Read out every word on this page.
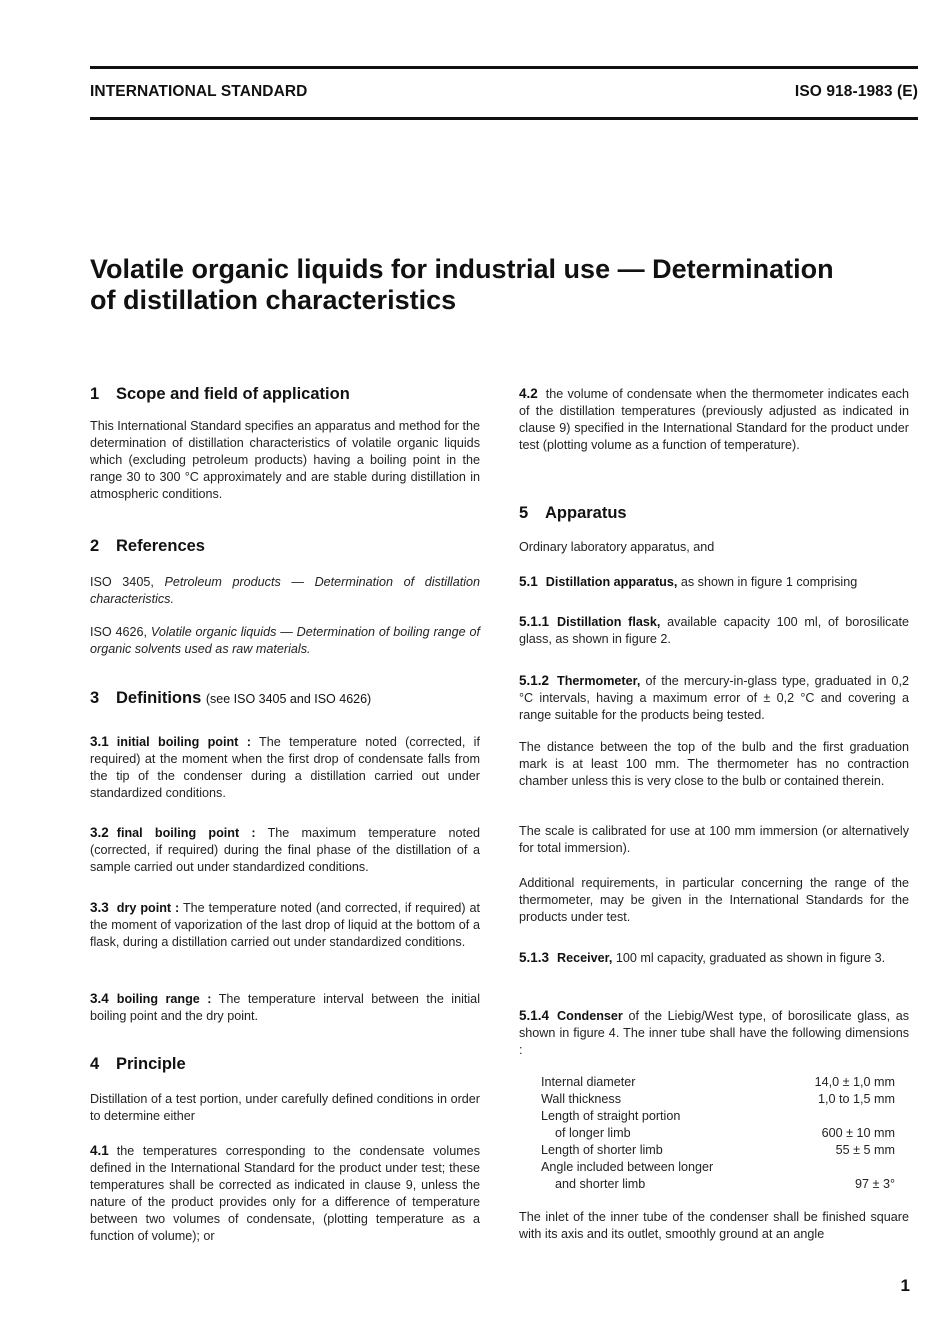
INTERNATIONAL STANDARD	ISO 918-1983 (E)
Volatile organic liquids for industrial use — Determination
of distillation characteristics
1 Scope and field of application

This International Standard specifies an apparatus and method for the determination of distillation characteristics of volatile organic liquids which (excluding petroleum products) having a boiling point in the range 30 to 300 °C approximately and are stable during distillation in atmospheric conditions.

2 References

ISO 3405, Petroleum products — Determination of distillation characteristics.

ISO 4626, Volatile organic liquids — Determination of boiling range of organic solvents used as raw materials.

3 Definitions (see ISO 3405 and ISO 4626)

3.1 initial boiling point : The temperature noted (corrected, if required) at the moment when the first drop of condensate falls from the tip of the condenser during a distillation carried out under standardized conditions.

3.2 final boiling point : The maximum temperature noted (corrected, if required) during the final phase of the distillation of a sample carried out under standardized conditions.

3.3 dry point : The temperature noted (and corrected, if required) at the moment of vaporization of the last drop of liquid at the bottom of a flask, during a distillation carried out under standardized conditions.

3.4 boiling range : The temperature interval between the initial boiling point and the dry point.

4 Principle

Distillation of a test portion, under carefully defined conditions in order to determine either

4.1 the temperatures corresponding to the condensate volumes defined in the International Standard for the product under test; these temperatures shall be corrected as indicated in clause 9, unless the nature of the product provides only for a difference of temperature between two volumes of condensate, (plotting temperature as a function of volume); or

4.2 the volume of condensate when the thermometer indicates each of the distillation temperatures (previously adjusted as indicated in clause 9) specified in the International Standard for the product under test (plotting volume as a function of temperature).

5 Apparatus

Ordinary laboratory apparatus, and

5.1 Distillation apparatus, as shown in figure 1 comprising

5.1.1 Distillation flask, available capacity 100 ml, of borosilicate glass, as shown in figure 2.

5.1.2 Thermometer, of the mercury-in-glass type, graduated in 0,2 °C intervals, having a maximum error of ± 0,2 °C and covering a range suitable for the products being tested.

The distance between the top of the bulb and the first graduation mark is at least 100 mm. The thermometer has no contraction chamber unless this is very close to the bulb or contained therein.

The scale is calibrated for use at 100 mm immersion (or alternatively for total immersion).

Additional requirements, in particular concerning the range of the thermometer, may be given in the International Standards for the products under test.

5.1.3 Receiver, 100 ml capacity, graduated as shown in figure 3.

5.1.4 Condenser of the Liebig/West type, of borosilicate glass, as shown in figure 4. The inner tube shall have the following dimensions :

Internal diameter	14,0 ± 1,0 mm
Wall thickness	1,0 to 1,5 mm
Length of straight portion	
of longer limb	600 ± 10 mm
Length of shorter limb	55 ± 5 mm
Angle included between longer	
and shorter limb	97 ± 3°

The inlet of the inner tube of the condenser shall be finished square with its axis and its outlet, smoothly ground at an angle

1
